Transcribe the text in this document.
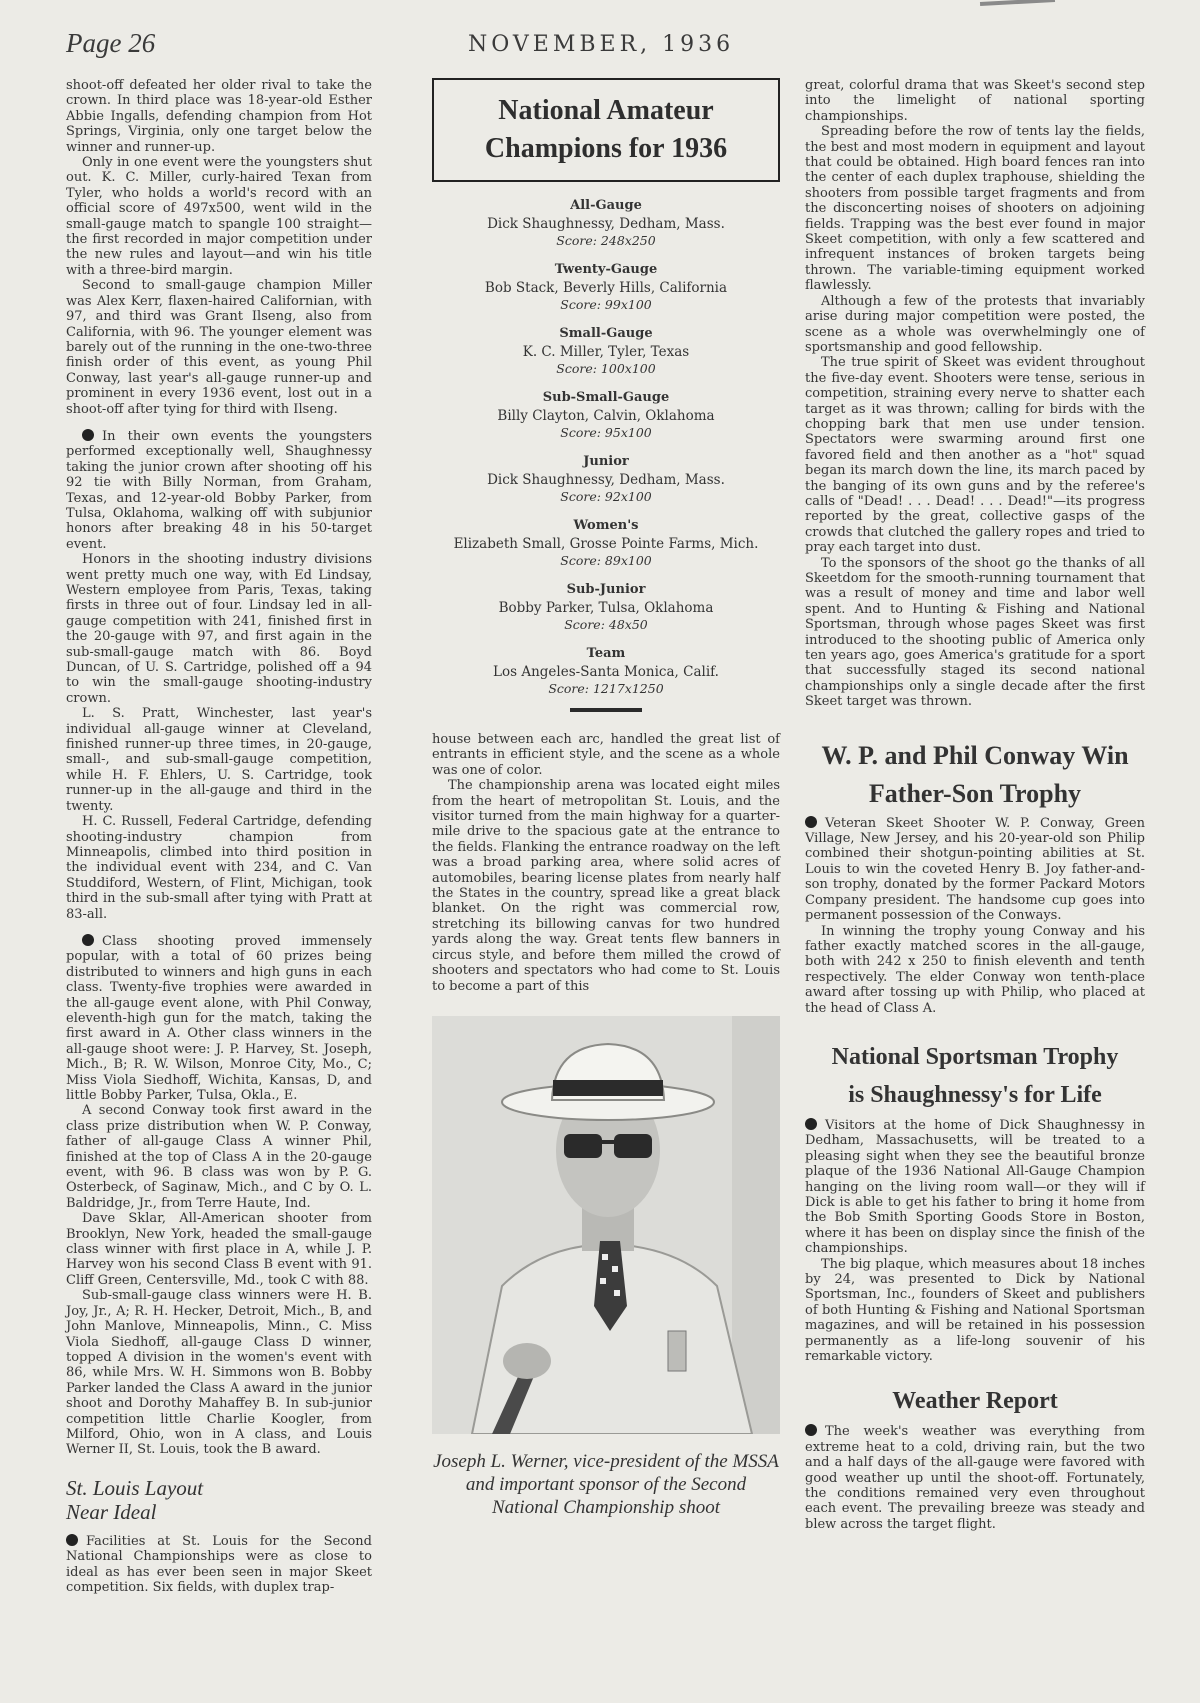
Page 26	NOVEMBER, 1936

shoot-off defeated her older rival to take the crown. In third place was 18-year-old Esther Abbie Ingalls, defending champion from Hot Springs, Virginia, only one target below the winner and runner-up.

Only in one event were the youngsters shut out. K. C. Miller, curly-haired Texan from Tyler, who holds a world's record with an official score of 497x500, went wild in the small-gauge match to spangle 100 straight—the first recorded in major competition under the new rules and layout—and win his title with a three-bird margin.

Second to small-gauge champion Miller was Alex Kerr, flaxen-haired Californian, with 97, and third was Grant Ilseng, also from California, with 96. The younger element was barely out of the running in the one-two-three finish order of this event, as young Phil Conway, last year's all-gauge runner-up and prominent in every 1936 event, lost out in a shoot-off after tying for third with Ilseng.

In their own events the youngsters performed exceptionally well, Shaughnessy taking the junior crown after shooting off his 92 tie with Billy Norman, from Graham, Texas, and 12-year-old Bobby Parker, from Tulsa, Oklahoma, walking off with subjunior honors after breaking 48 in his 50-target event.

Honors in the shooting industry divisions went pretty much one way, with Ed Lindsay, Western employee from Paris, Texas, taking firsts in three out of four. Lindsay led in all-gauge competition with 241, finished first in the 20-gauge with 97, and first again in the sub-small-gauge match with 86. Boyd Duncan, of U. S. Cartridge, polished off a 94 to win the small-gauge shooting-industry crown.

L. S. Pratt, Winchester, last year's individual all-gauge winner at Cleveland, finished runner-up three times, in 20-gauge, small-, and sub-small-gauge competition, while H. F. Ehlers, U. S. Cartridge, took runner-up in the all-gauge and third in the twenty.

H. C. Russell, Federal Cartridge, defending shooting-industry champion from Minneapolis, climbed into third position in the individual event with 234, and C. Van Studdiford, Western, of Flint, Michigan, took third in the sub-small after tying with Pratt at 83-all.

Class shooting proved immensely popular, with a total of 60 prizes being distributed to winners and high guns in each class. Twenty-five trophies were awarded in the all-gauge event alone, with Phil Conway, eleventh-high gun for the match, taking the first award in A. Other class winners in the all-gauge shoot were: J. P. Harvey, St. Joseph, Mich., B; R. W. Wilson, Monroe City, Mo., C; Miss Viola Siedhoff, Wichita, Kansas, D, and little Bobby Parker, Tulsa, Okla., E.

A second Conway took first award in the class prize distribution when W. P. Conway, father of all-gauge Class A winner Phil, finished at the top of Class A in the 20-gauge event, with 96. B class was won by P. G. Osterbeck, of Saginaw, Mich., and C by O. L. Baldridge, Jr., from Terre Haute, Ind.

Dave Sklar, All-American shooter from Brooklyn, New York, headed the small-gauge class winner with first place in A, while J. P. Harvey won his second Class B event with 91. Cliff Green, Centersville, Md., took C with 88.

Sub-small-gauge class winners were H. B. Joy, Jr., A; R. H. Hecker, Detroit, Mich., B, and John Manlove, Minneapolis, Minn., C. Miss Viola Siedhoff, all-gauge Class D winner, topped A division in the women's event with 86, while Mrs. W. H. Simmons won B. Bobby Parker landed the Class A award in the junior shoot and Dorothy Mahaffey B. In sub-junior competition little Charlie Koogler, from Milford, Ohio, won in A class, and Louis Werner II, St. Louis, took the B award.

St. Louis Layout
Near Ideal

Facilities at St. Louis for the Second National Championships were as close to ideal as has ever been seen in major Skeet competition. Six fields, with duplex trap-

National Amateur
Champions for 1936
All-Gauge
Dick Shaughnessy, Dedham, Mass.
Score: 248x250
Twenty-Gauge
Bob Stack, Beverly Hills, California
Score: 99x100
Small-Gauge
K. C. Miller, Tyler, Texas
Score: 100x100
Sub-Small-Gauge
Billy Clayton, Calvin, Oklahoma
Score: 95x100
Junior
Dick Shaughnessy, Dedham, Mass.
Score: 92x100
Women's
Elizabeth Small, Grosse Pointe Farms, Mich.
Score: 89x100
Sub-Junior
Bobby Parker, Tulsa, Oklahoma
Score: 48x50
Team
Los Angeles-Santa Monica, Calif.
Score: 1217x1250

house between each arc, handled the great list of entrants in efficient style, and the scene as a whole was one of color.

The championship arena was located eight miles from the heart of metropolitan St. Louis, and the visitor turned from the main highway for a quarter-mile drive to the spacious gate at the entrance to the fields. Flanking the entrance roadway on the left was a broad parking area, where solid acres of automobiles, bearing license plates from nearly half the States in the country, spread like a great black blanket. On the right was commercial row, stretching its billowing canvas for two hundred yards along the way. Great tents flew banners in circus style, and before them milled the crowd of shooters and spectators who had come to St. Louis to become a part of this

Joseph L. Werner, vice-president of the MSSA and important sponsor of the Second National Championship shoot

great, colorful drama that was Skeet's second step into the limelight of national sporting championships.

Spreading before the row of tents lay the fields, the best and most modern in equipment and layout that could be obtained. High board fences ran into the center of each duplex traphouse, shielding the shooters from possible target fragments and from the disconcerting noises of shooters on adjoining fields. Trapping was the best ever found in major Skeet competition, with only a few scattered and infrequent instances of broken targets being thrown. The variable-timing equipment worked flawlessly.

Although a few of the protests that invariably arise during major competition were posted, the scene as a whole was overwhelmingly one of sportsmanship and good fellowship.

The true spirit of Skeet was evident throughout the five-day event. Shooters were tense, serious in competition, straining every nerve to shatter each target as it was thrown; calling for birds with the chopping bark that men use under tension. Spectators were swarming around first one favored field and then another as a "hot" squad began its march down the line, its march paced by the banging of its own guns and by the referee's calls of "Dead! . . . Dead! . . . Dead!"—its progress reported by the great, collective gasps of the crowds that clutched the gallery ropes and tried to pray each target into dust.

To the sponsors of the shoot go the thanks of all Skeetdom for the smooth-running tournament that was a result of money and time and labor well spent. And to Hunting & Fishing and National Sportsman, through whose pages Skeet was first introduced to the shooting public of America only ten years ago, goes America's gratitude for a sport that successfully staged its second national championships only a single decade after the first Skeet target was thrown.

W. P. and Phil Conway Win
Father-Son Trophy

Veteran Skeet Shooter W. P. Conway, Green Village, New Jersey, and his 20-year-old son Philip combined their shotgun-pointing abilities at St. Louis to win the coveted Henry B. Joy father-and-son trophy, donated by the former Packard Motors Company president. The handsome cup goes into permanent possession of the Conways.

In winning the trophy young Conway and his father exactly matched scores in the all-gauge, both with 242 x 250 to finish eleventh and tenth respectively. The elder Conway won tenth-place award after tossing up with Philip, who placed at the head of Class A.

National Sportsman Trophy
is Shaughnessy's for Life

Visitors at the home of Dick Shaughnessy in Dedham, Massachusetts, will be treated to a pleasing sight when they see the beautiful bronze plaque of the 1936 National All-Gauge Champion hanging on the living room wall—or they will if Dick is able to get his father to bring it home from the Bob Smith Sporting Goods Store in Boston, where it has been on display since the finish of the championships.

The big plaque, which measures about 18 inches by 24, was presented to Dick by National Sportsman, Inc., founders of Skeet and publishers of both Hunting & Fishing and National Sportsman magazines, and will be retained in his possession permanently as a life-long souvenir of his remarkable victory.

Weather Report

The week's weather was everything from extreme heat to a cold, driving rain, but the two and a half days of the all-gauge were favored with good weather up until the shoot-off. Fortunately, the conditions remained very even throughout each event. The prevailing breeze was steady and blew across the target flight.
